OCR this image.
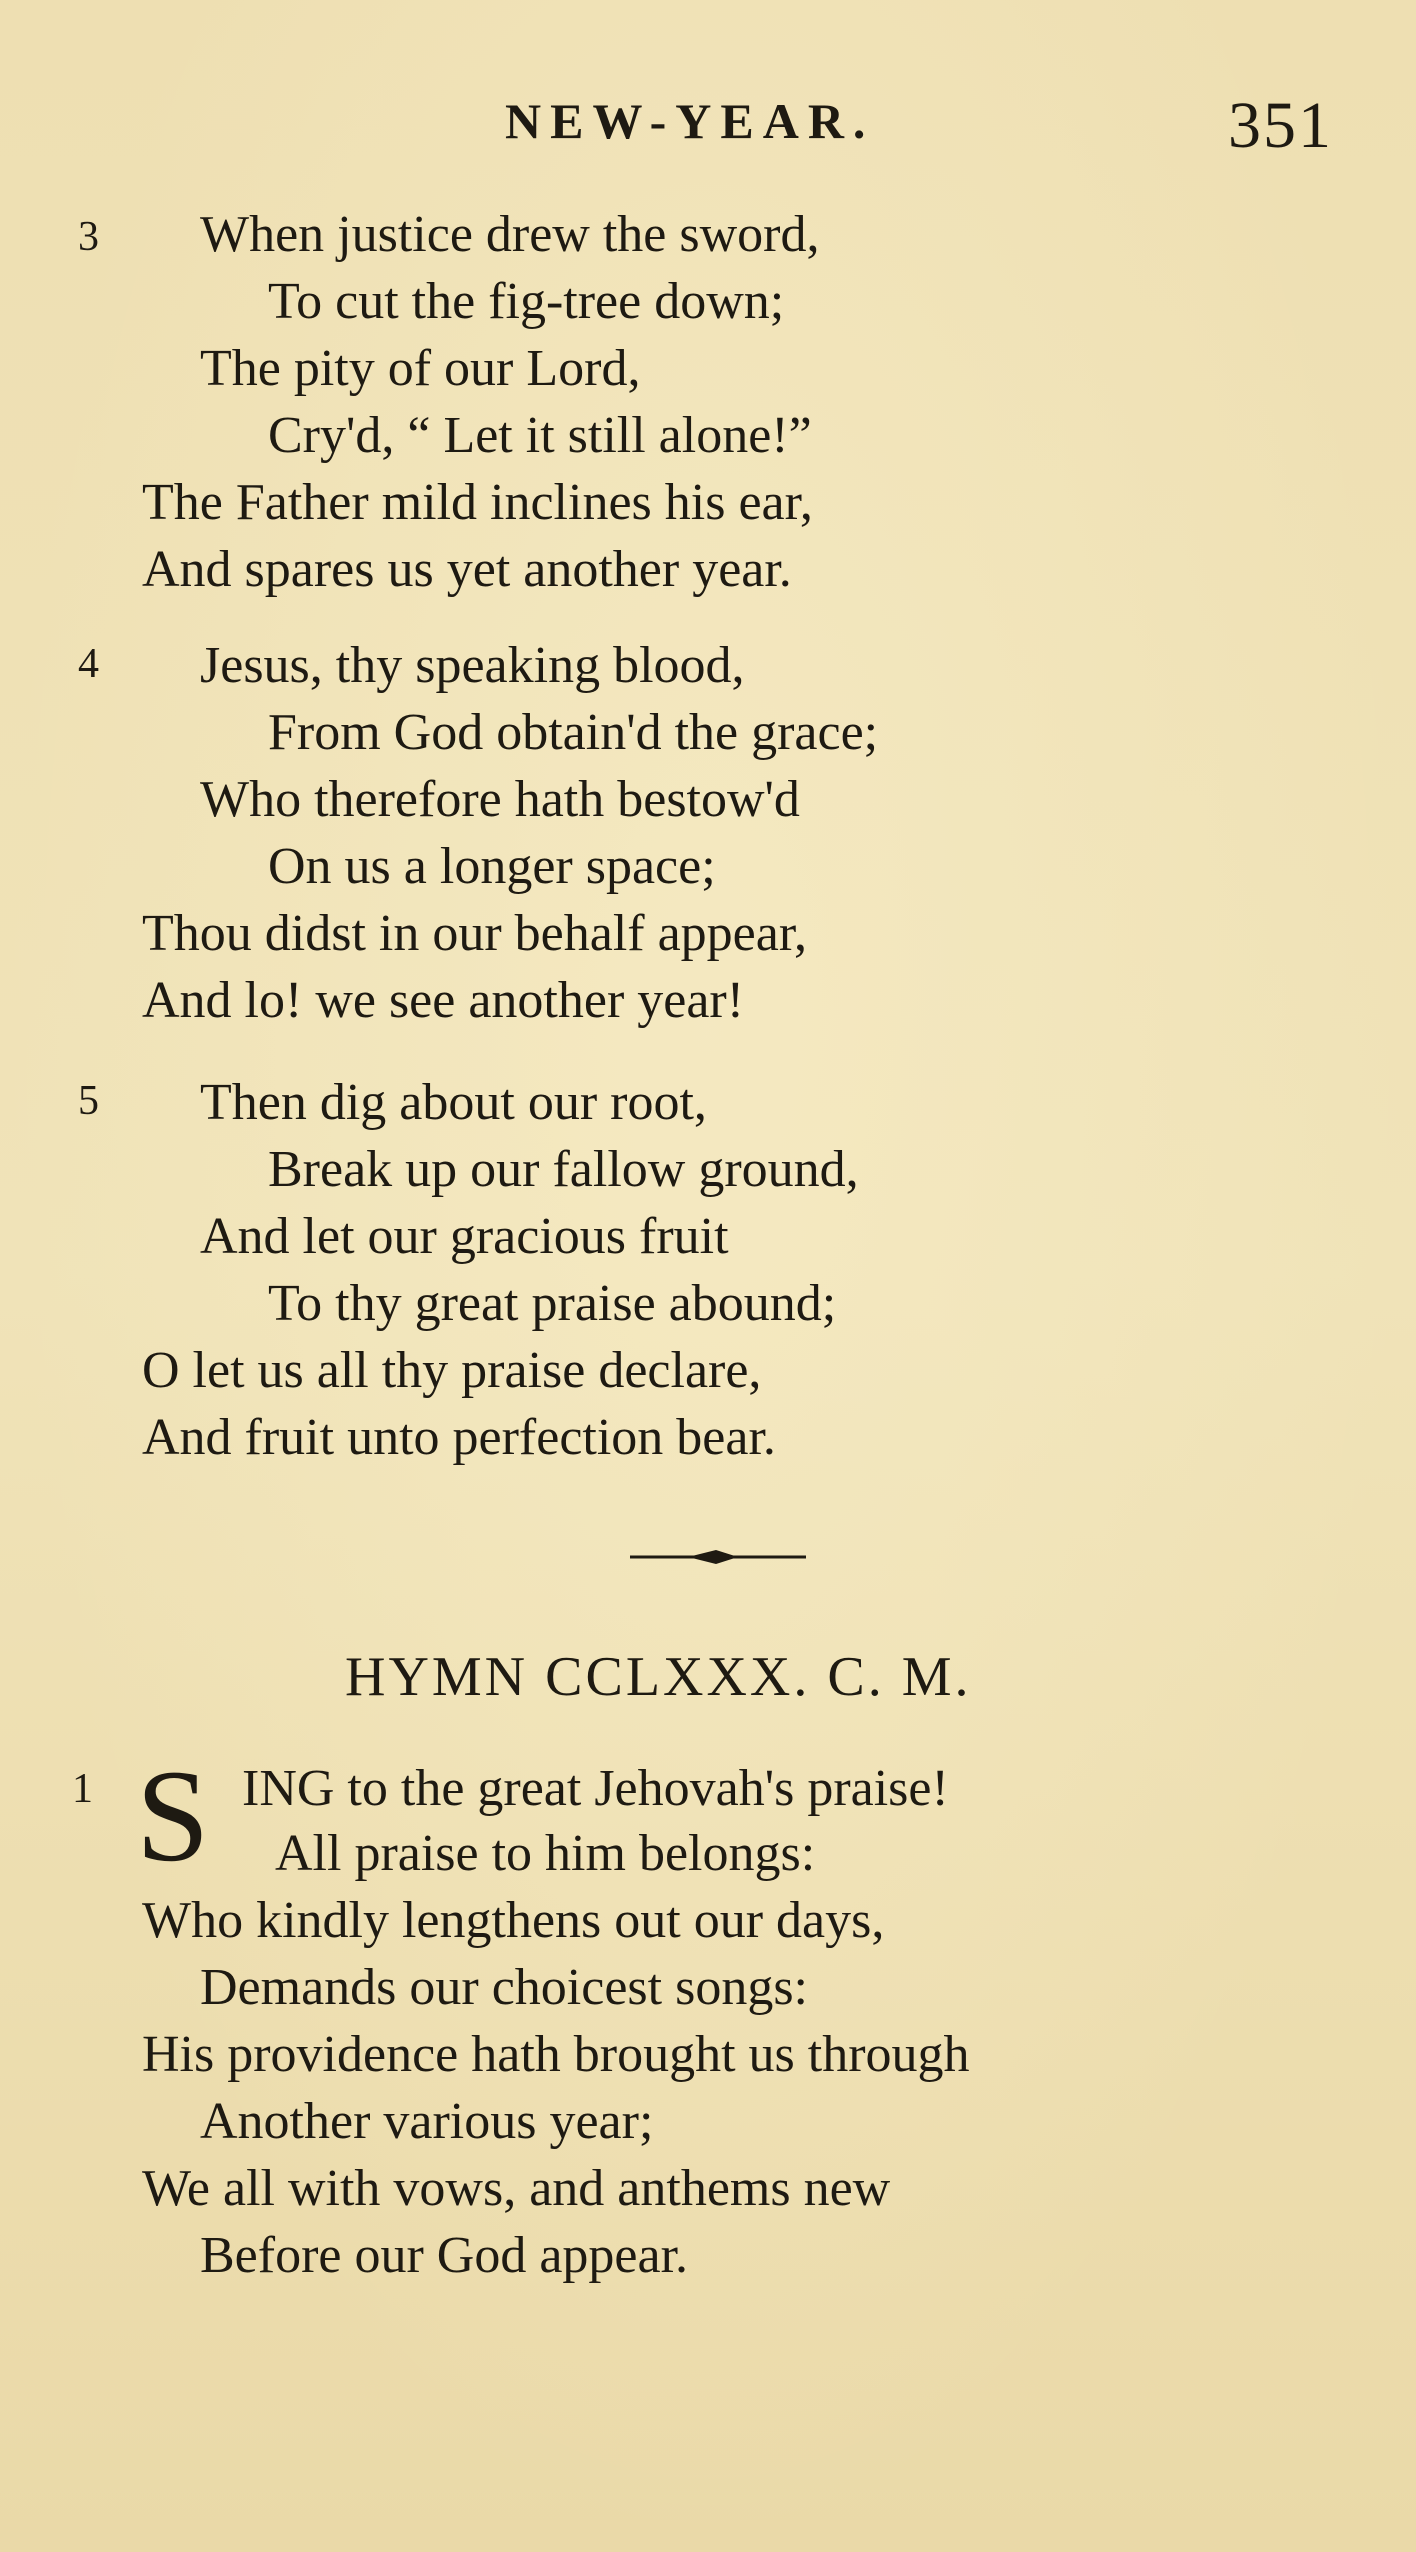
NEW-YEAR.	351
3 When justice drew the sword,
To cut the fig-tree down;
The pity of our Lord,
Cry'd, “ Let it still alone!”
The Father mild inclines his ear,
And spares us yet another year.
4 Jesus, thy speaking blood,
From God obtain'd the grace;
Who therefore hath bestow'd
On us a longer space;
Thou didst in our behalf appear,
And lo! we see another year!
5 Then dig about our root,
Break up our fallow ground,
And let our gracious fruit
To thy great praise abound;
O let us all thy praise declare,
And fruit unto perfection bear.
HYMN CCLXXX. C. M.
1	ING to the great Jehovah's praise!
All praise to him belongs:
Who kindly lengthens out our days,
Demands our choicest songs:
His providence hath brought us through
Another various year;
We all with vows, and anthems new
Before our God appear.
S
